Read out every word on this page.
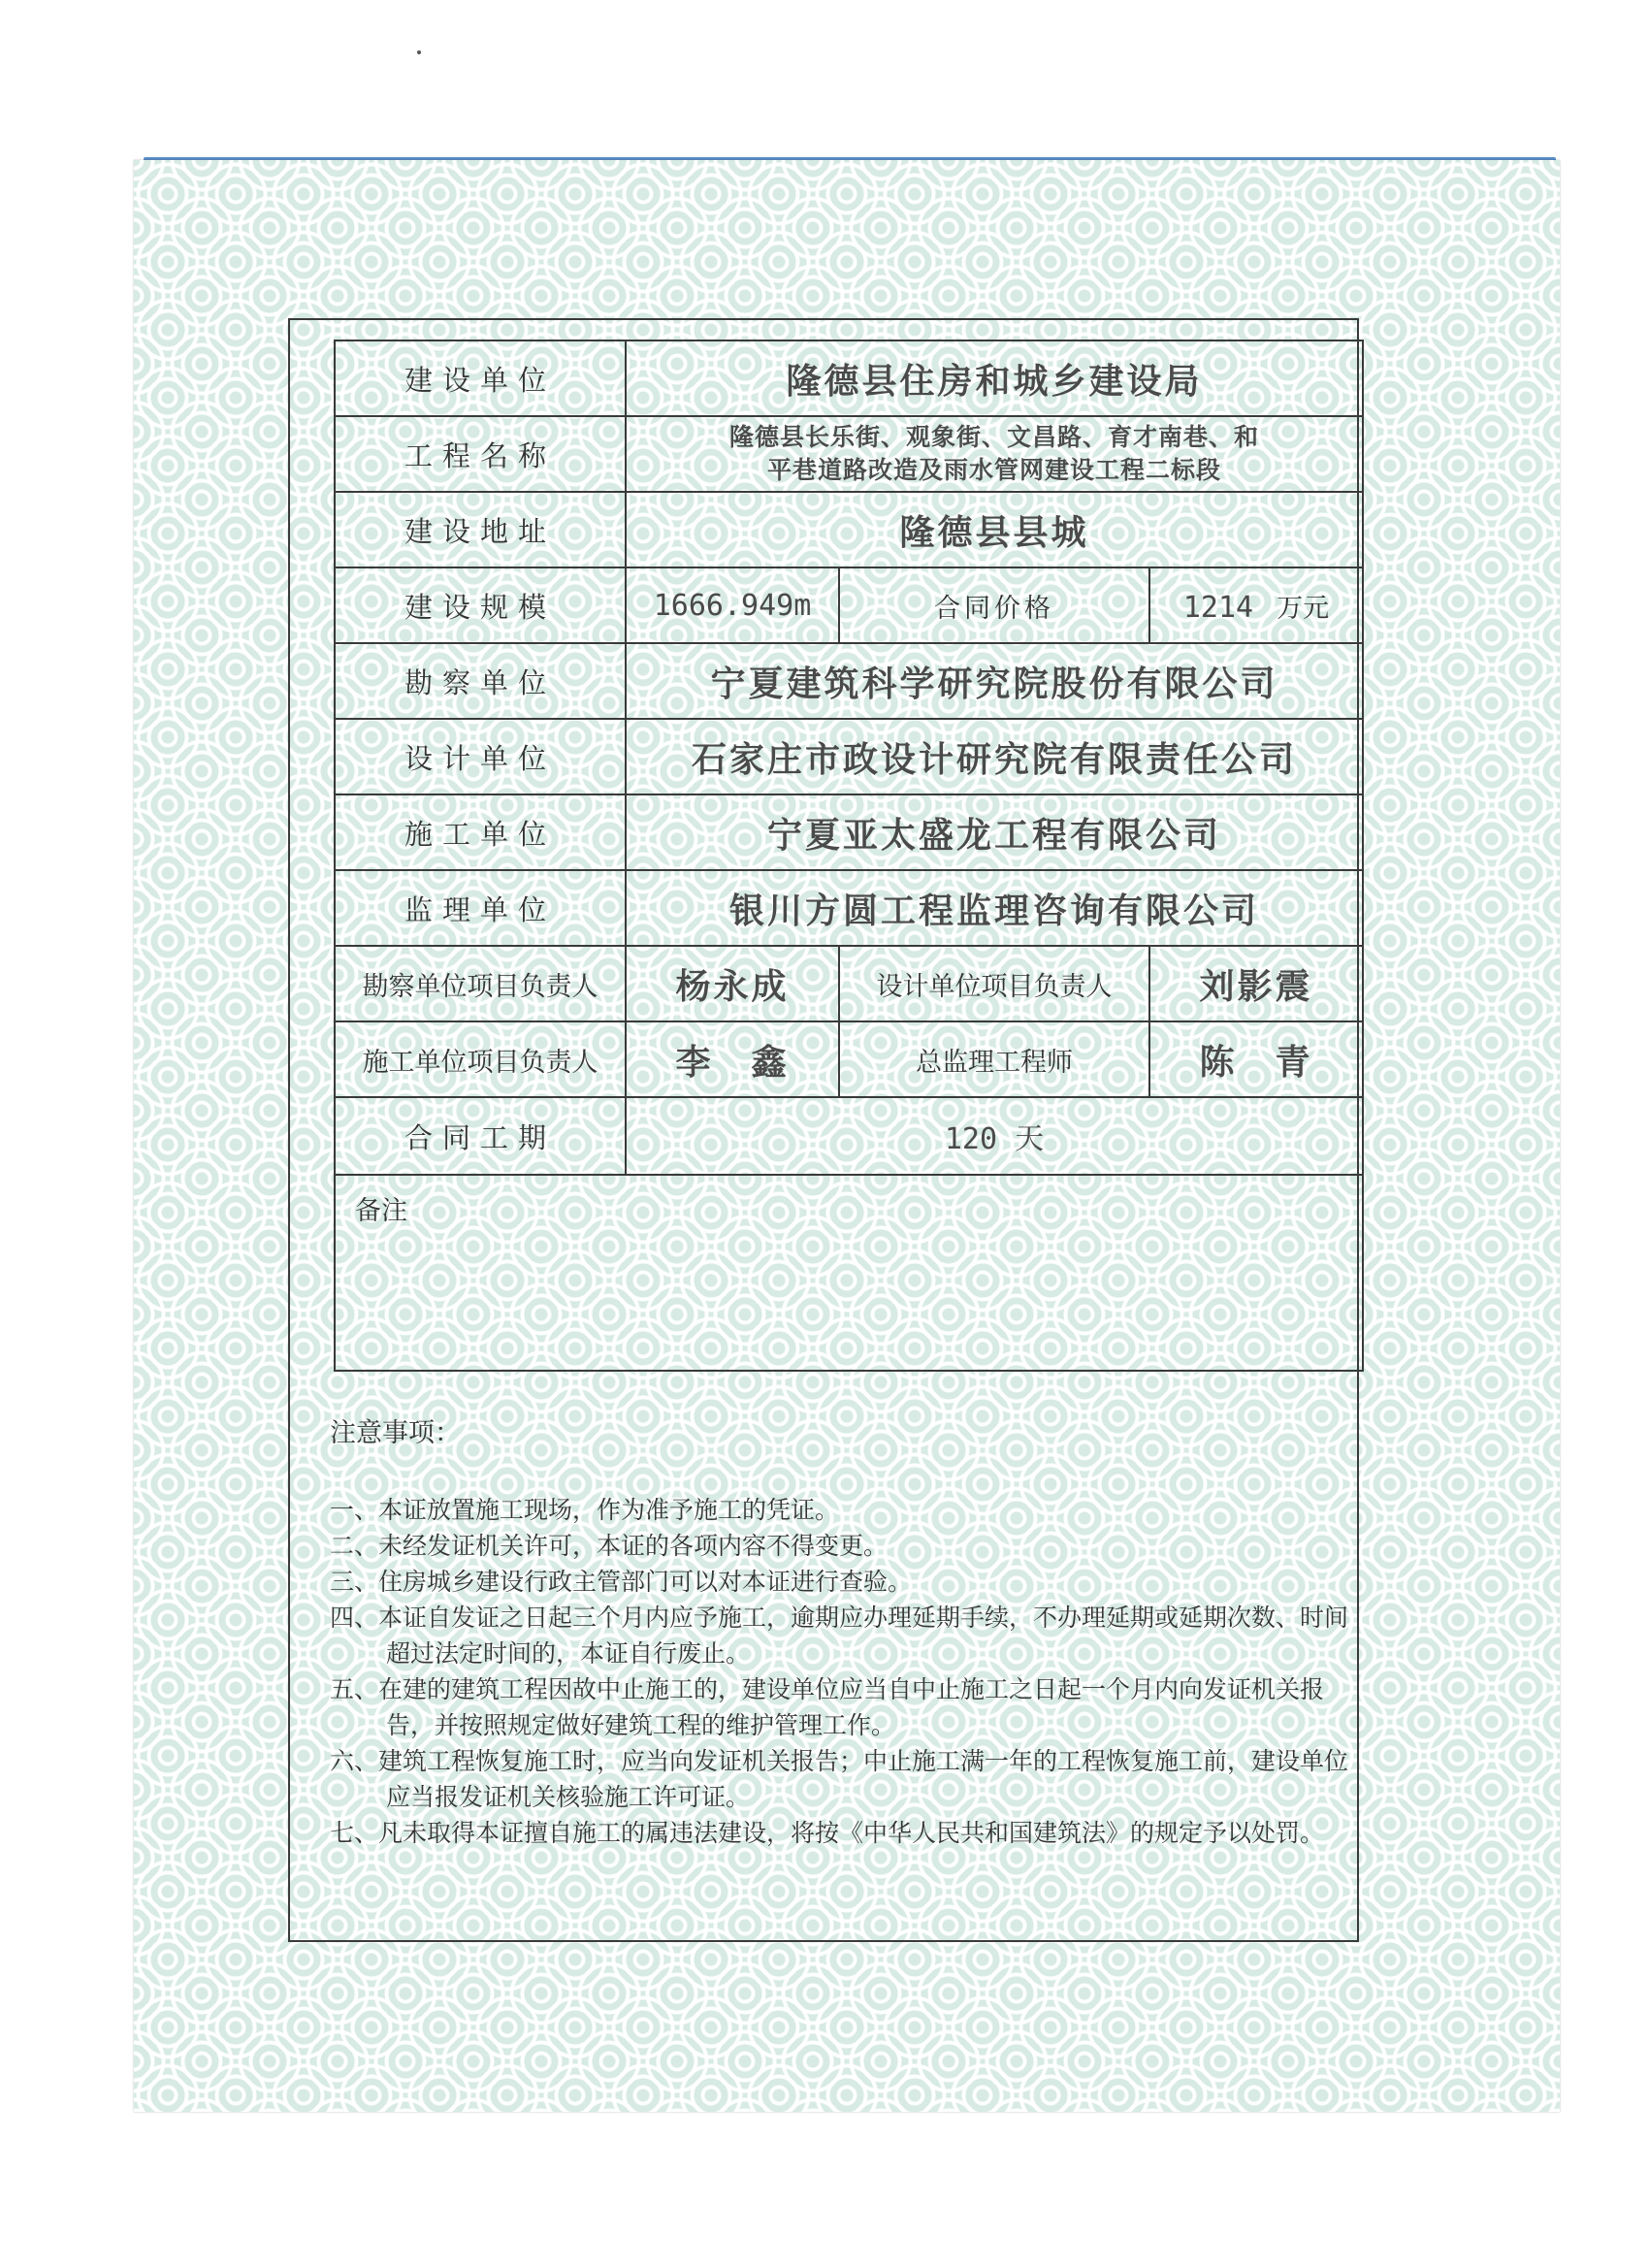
建设单位	隆德县住房和城乡建设局		
工程名称	隆德县长乐街、观象街、文昌路、育才南巷、和
平巷道路改造及雨水管网建设工程二标段		

建设地址	隆德县县城		
建设规模	1666.949m	合同价格	1214 万元
勘察单位	宁夏建筑科学研究院股份有限公司		
设计单位	石家庄市政设计研究院有限责任公司		
施工单位	宁夏亚太盛龙工程有限公司		
监理单位	银川方圆工程监理咨询有限公司		
勘察单位项目负责人	杨永成	设计单位项目负责人	刘影震
施工单位项目负责人	李　鑫	总监理工程师	陈　青
合同工期	120 天		

备注			
注意事项：
一、本证放置施工现场，作为准予施工的凭证。
二、未经发证机关许可，本证的各项内容不得变更。
三、住房城乡建设行政主管部门可以对本证进行查验。
四、本证自发证之日起三个月内应予施工，逾期应办理延期手续，不办理延期或延期次数、时间超过法定时间的，本证自行废止。
五、在建的建筑工程因故中止施工的，建设单位应当自中止施工之日起一个月内向发证机关报告，并按照规定做好建筑工程的维护管理工作。
六、建筑工程恢复施工时，应当向发证机关报告；中止施工满一年的工程恢复施工前，建设单位应当报发证机关核验施工许可证。
七、凡未取得本证擅自施工的属违法建设，将按《中华人民共和国建筑法》的规定予以处罚。
